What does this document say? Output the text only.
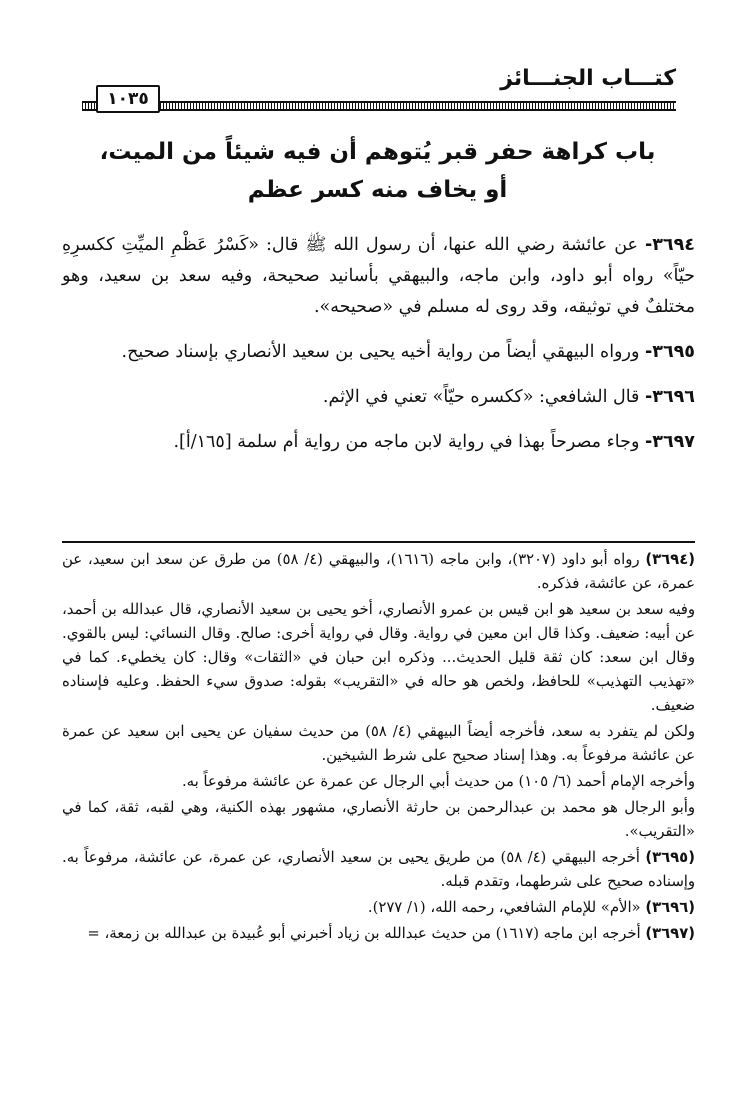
كتـــاب الجنـــائز
١٠٣٥
باب كراهة حفر قبر يُتوهم أن فيه شيئاً من الميت،
أو يخاف منه كسر عظم

٣٦٩٤- عن عائشة رضي الله عنها، أن رسول الله ﷺ قال: «كَسْرُ عَظْمِ الميِّتِ ككسرِهِ حيّاً» رواه أبو داود، وابن ماجه، والبيهقي بأسانيد صحيحة، وفيه سعد بن سعيد، وهو مختلفٌ في توثيقه، وقد روى له مسلم في «صحيحه».

٣٦٩٥- ورواه البيهقي أيضاً من رواية أخيه يحيى بن سعيد الأنصاري بإسناد صحيح.

٣٦٩٦- قال الشافعي: «ككسره حيّاً» تعني في الإثم.

٣٦٩٧- وجاء مصرحاً بهذا في رواية لابن ماجه من رواية أم سلمة [١٦٥/أ].

(٣٦٩٤) رواه أبو داود (٣٢٠٧)، وابن ماجه (١٦١٦)، والبيهقي (٤/ ٥٨) من طرق عن سعد ابن سعيد، عن عمرة، عن عائشة، فذكره.

وفيه سعد بن سعيد هو ابن قيس بن عمرو الأنصاري، أخو يحيى بن سعيد الأنصاري، قال عبدالله بن أحمد، عن أبيه: ضعيف. وكذا قال ابن معين في رواية. وقال في رواية أخرى: صالح. وقال النسائي: ليس بالقوي. وقال ابن سعد: كان ثقة قليل الحديث... وذكره ابن حبان في «الثقات» وقال: كان يخطيء. كما في «تهذيب التهذيب» للحافظ، ولخص هو حاله في «التقريب» بقوله: صدوق سيء الحفظ. وعليه فإسناده ضعيف.

ولكن لم يتفرد به سعد، فأخرجه أيضاً البيهقي (٤/ ٥٨) من حديث سفيان عن يحيى ابن سعيد عن عمرة عن عائشة مرفوعاً به. وهذا إسناد صحيح على شرط الشيخين.

وأخرجه الإمام أحمد (٦/ ١٠٥) من حديث أبي الرجال عن عمرة عن عائشة مرفوعاً به.

وأبو الرجال هو محمد بن عبدالرحمن بن حارثة الأنصاري، مشهور بهذه الكنية، وهي لقبه، ثقة، كما في «التقريب».

(٣٦٩٥) أخرجه البيهقي (٤/ ٥٨) من طريق يحيى بن سعيد الأنصاري، عن عمرة، عن عائشة، مرفوعاً به. وإسناده صحيح على شرطهما، وتقدم قبله.

(٣٦٩٦) «الأم» للإمام الشافعي، رحمه الله، (١/ ٢٧٧).

(٣٦٩٧) أخرجه ابن ماجه (١٦١٧) من حديث عبدالله بن زياد أخبرني أبو عُبيدة بن عبدالله بن زمعة، =
